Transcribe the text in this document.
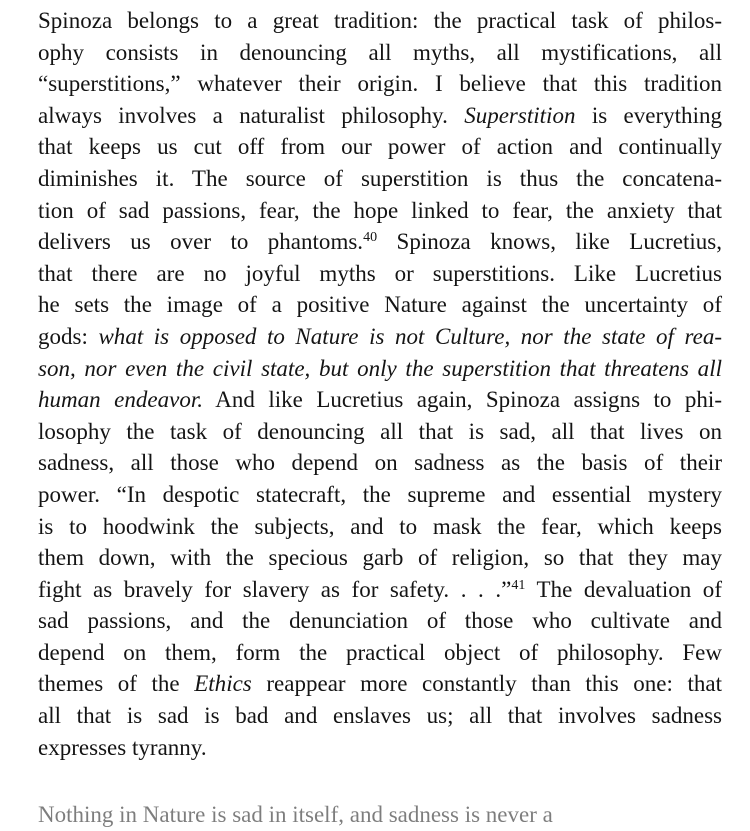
Spinoza belongs to a great tradition: the practical task of philos-
ophy consists in denouncing all myths, all mystifications, all
“superstitions,” whatever their origin. I believe that this tradition
always involves a naturalist philosophy. Superstition is everything
that keeps us cut off from our power of action and continually
diminishes it. The source of superstition is thus the concatena-
tion of sad passions, fear, the hope linked to fear, the anxiety that
delivers us over to phantoms.$^{40}$ Spinoza knows, like Lucretius,
that there are no joyful myths or superstitions. Like Lucretius
he sets the image of a positive Nature against the uncertainty of
gods: what is opposed to Nature is not Culture, nor the state of rea-
son, nor even the civil state, but only the superstition that threatens all
human endeavor. And like Lucretius again, Spinoza assigns to phi-
losophy the task of denouncing all that is sad, all that lives on
sadness, all those who depend on sadness as the basis of their
power. “In despotic statecraft, the supreme and essential mystery
is to hoodwink the subjects, and to mask the fear, which keeps
them down, with the specious garb of religion, so that they may
fight as bravely for slavery as for safety. . . .”$^{41}$ The devaluation of
sad passions, and the denunciation of those who cultivate and
depend on them, form the practical object of philosophy. Few
themes of the Ethics reappear more constantly than this one: that
all that is sad is bad and enslaves us; all that involves sadness
expresses tyranny.
Nothing in Nature is sad in itself, and sadness is never a
